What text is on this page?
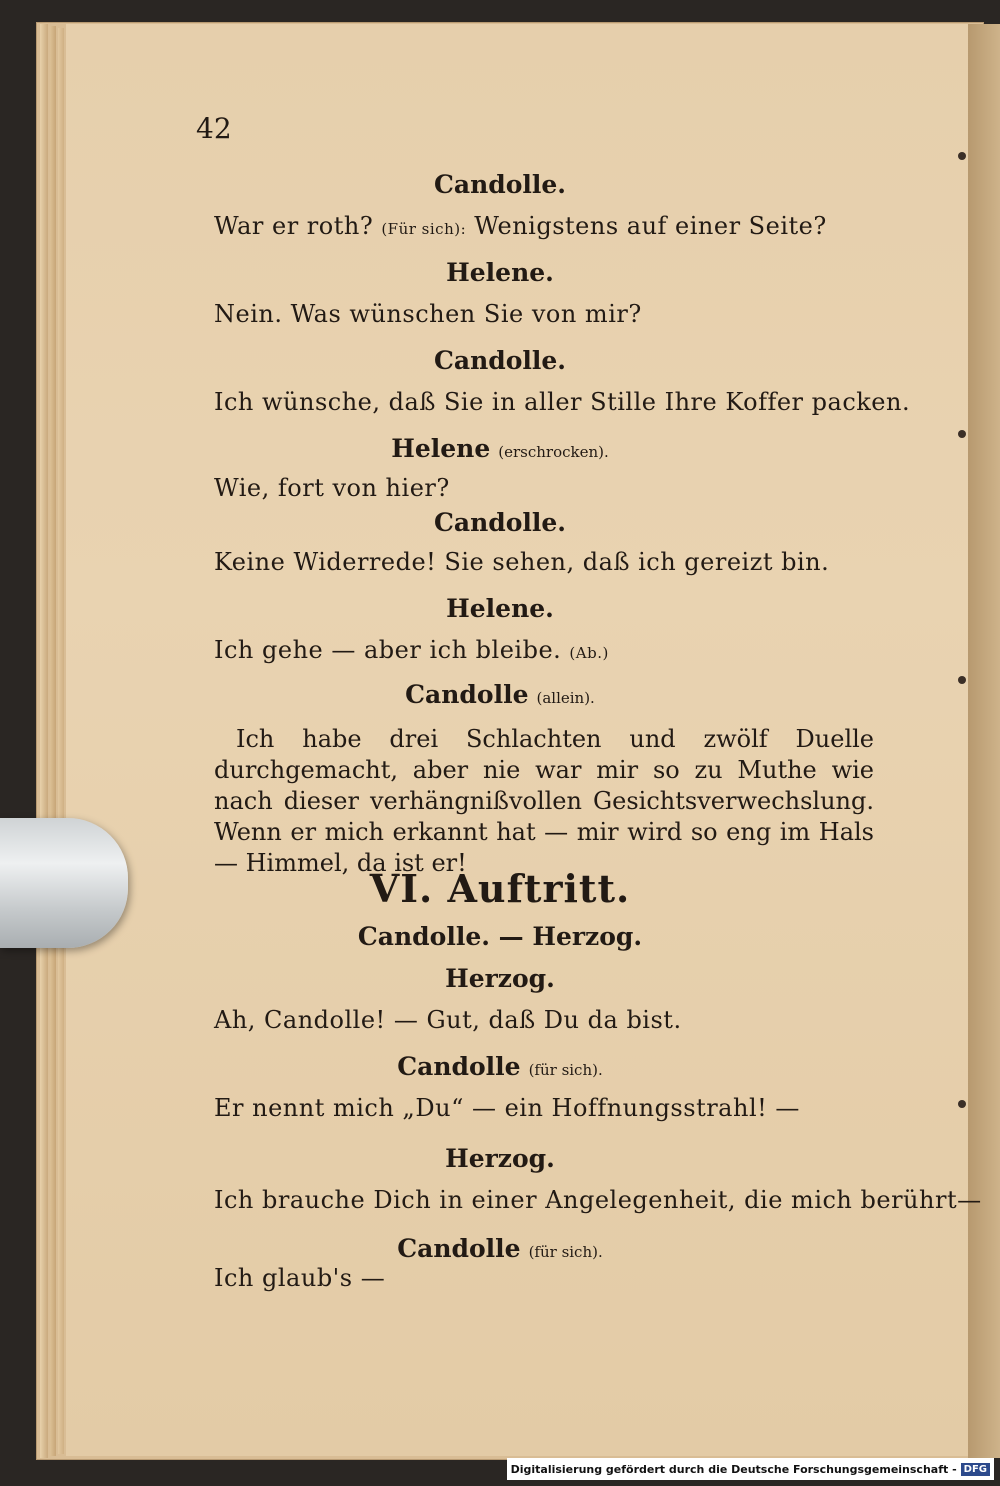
42
Candolle.
War er roth? (Für sich): Wenigstens auf einer Seite?
Helene.
Nein. Was wünschen Sie von mir?
Candolle.
Ich wünsche, daß Sie in aller Stille Ihre Koffer packen.
Helene (erschrocken).
Wie, fort von hier?
Candolle.
Keine Widerrede! Sie sehen, daß ich gereizt bin.
Helene.
Ich gehe — aber ich bleibe. (Ab.)
Candolle (allein).
Ich habe drei Schlachten und zwölf Duelle durchgemacht, aber nie war mir so zu Muthe wie nach dieser verhängnißvollen Gesichtsverwechslung. Wenn er mich erkannt hat — mir wird so eng im Hals — Himmel, da ist er!
VI. Auftritt.
Candolle. — Herzog.
Herzog.
Ah, Candolle! — Gut, daß Du da bist.
Candolle (für sich).
Er nennt mich „Du“ — ein Hoffnungsstrahl! —
Herzog.
Ich brauche Dich in einer Angelegenheit, die mich berührt—
Candolle (für sich).
Ich glaub's —
Digitalisierung gefördert durch die Deutsche Forschungsgemeinschaft - DFG
